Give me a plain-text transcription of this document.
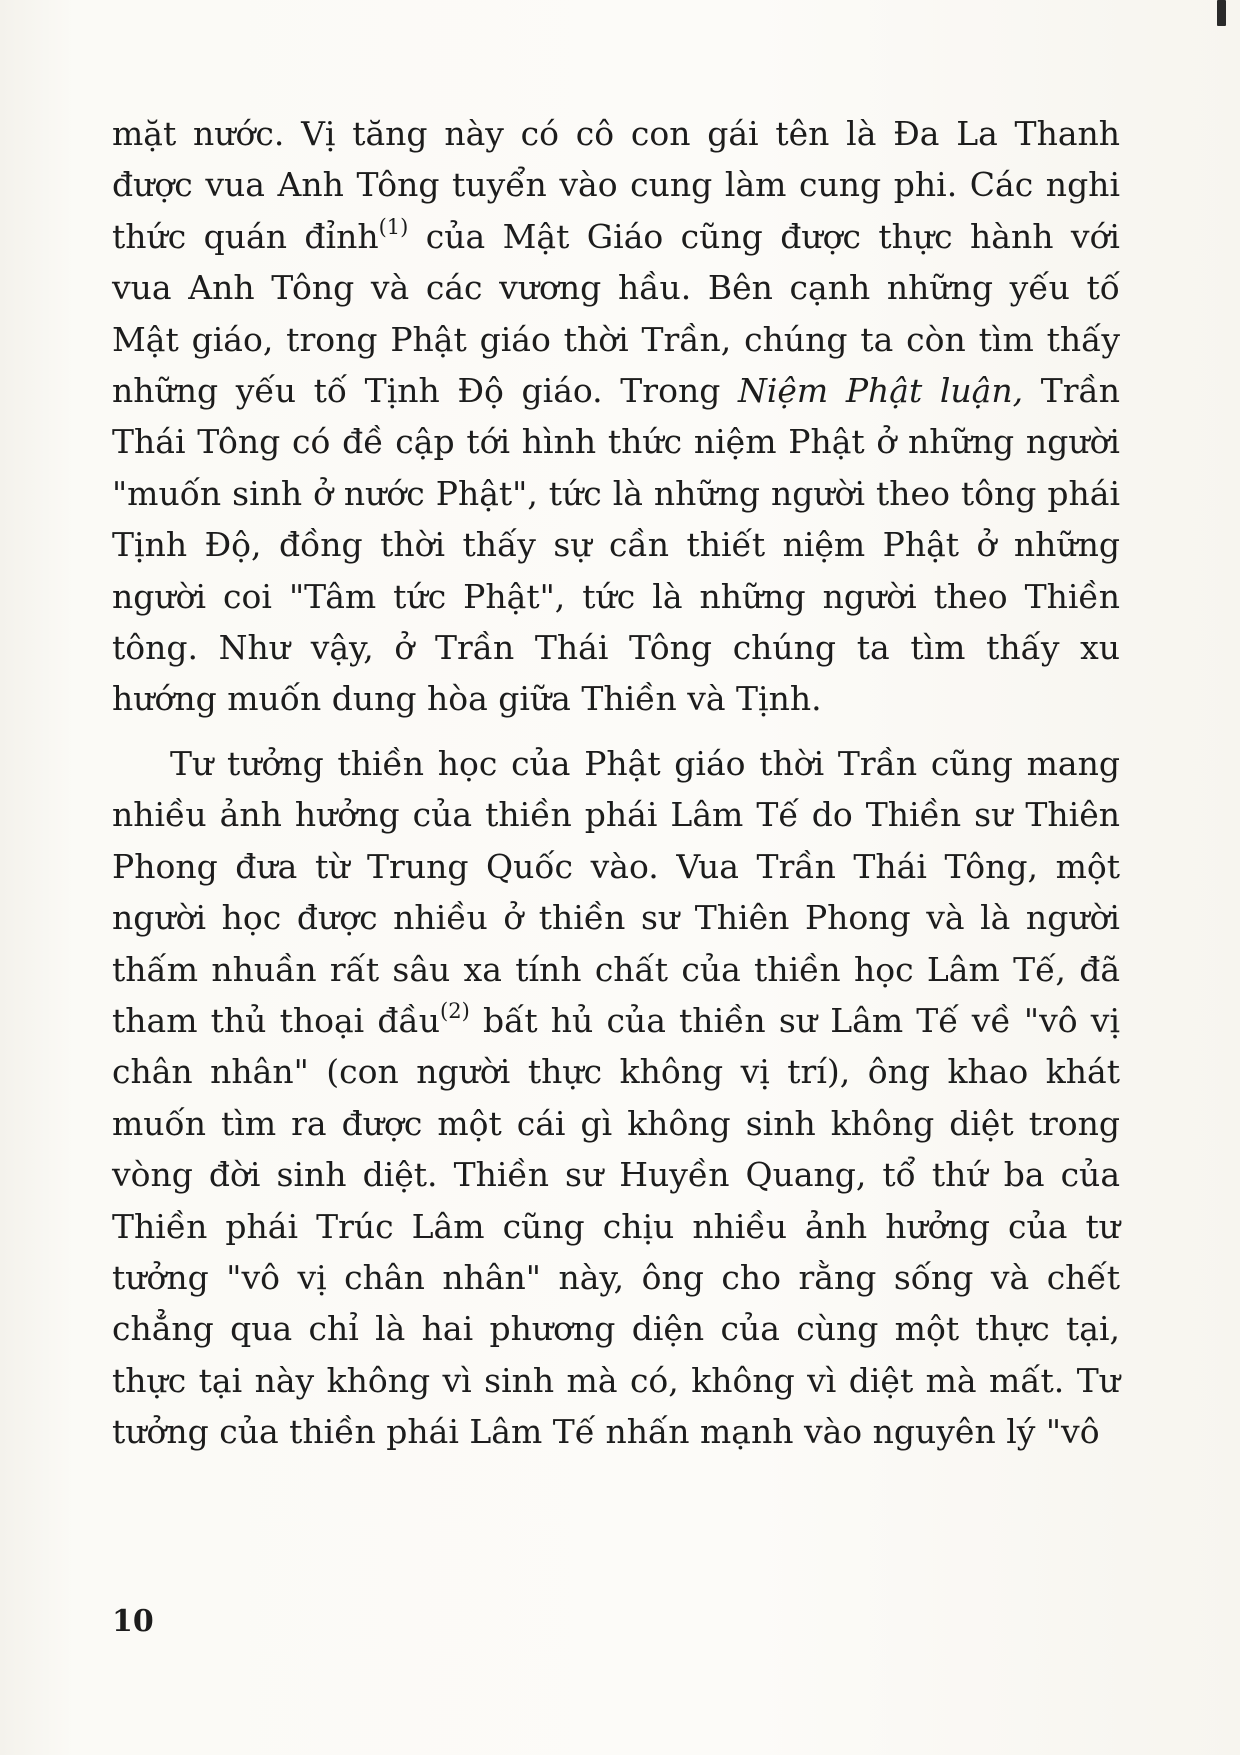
mặt nước. Vị tăng này có cô con gái tên là Đa La Thanh được vua Anh Tông tuyển vào cung làm cung phi. Các nghi thức quán đỉnh$^{(1)}$ của Mật Giáo cũng được thực hành với vua Anh Tông và các vương hầu. Bên cạnh những yếu tố Mật giáo, trong Phật giáo thời Trần, chúng ta còn tìm thấy những yếu tố Tịnh Độ giáo. Trong Niệm Phật luận, Trần Thái Tông có đề cập tới hình thức niệm Phật ở những người "muốn sinh ở nước Phật", tức là những người theo tông phái Tịnh Độ, đồng thời thấy sự cần thiết niệm Phật ở những người coi "Tâm tức Phật", tức là những người theo Thiền tông. Như vậy, ở Trần Thái Tông chúng ta tìm thấy xu hướng muốn dung hòa giữa Thiền và Tịnh.

Tư tưởng thiền học của Phật giáo thời Trần cũng mang nhiều ảnh hưởng của thiền phái Lâm Tế do Thiền sư Thiên Phong đưa từ Trung Quốc vào. Vua Trần Thái Tông, một người học được nhiều ở thiền sư Thiên Phong và là người thấm nhuần rất sâu xa tính chất của thiền học Lâm Tế, đã tham thủ thoại đầu$^{(2)}$ bất hủ của thiền sư Lâm Tế về "vô vị chân nhân" (con người thực không vị trí), ông khao khát muốn tìm ra được một cái gì không sinh không diệt trong vòng đời sinh diệt. Thiền sư Huyền Quang, tổ thứ ba của Thiền phái Trúc Lâm cũng chịu nhiều ảnh hưởng của tư tưởng "vô vị chân nhân" này, ông cho rằng sống và chết chẳng qua chỉ là hai phương diện của cùng một thực tại, thực tại này không vì sinh mà có, không vì diệt mà mất. Tư tưởng của thiền phái Lâm Tế nhấn mạnh vào nguyên lý "vô

10
